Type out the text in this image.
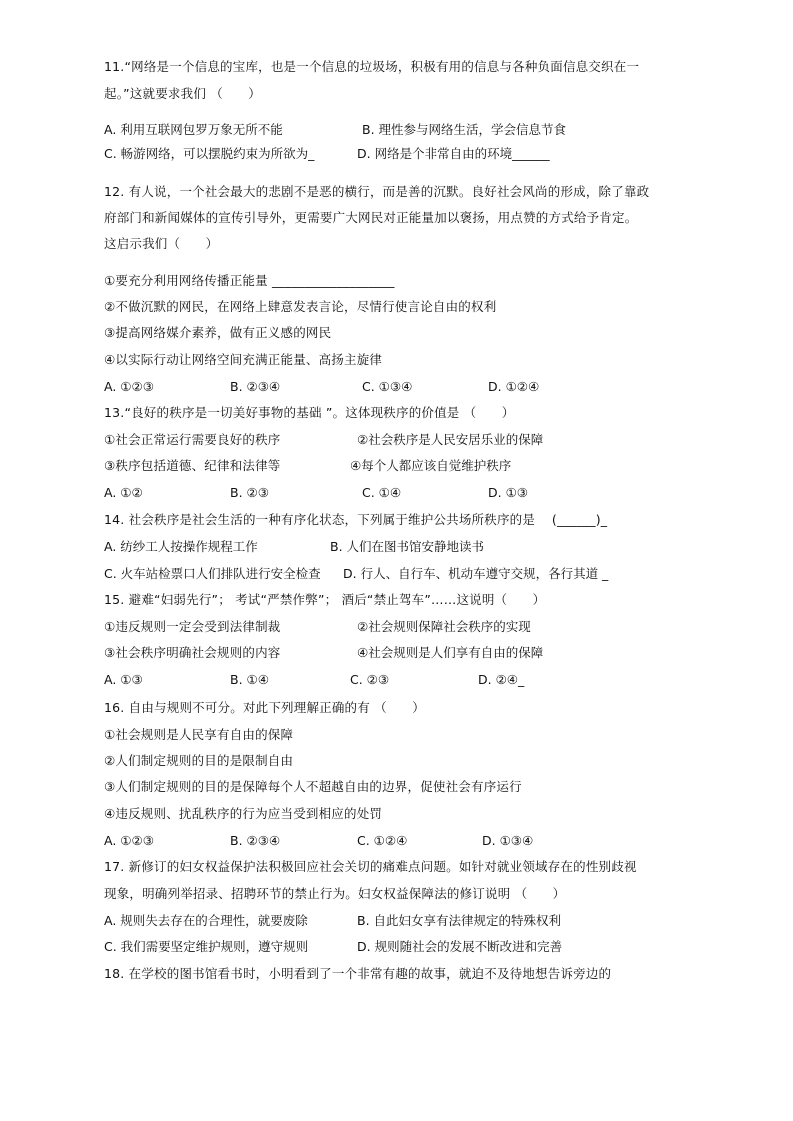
11.“网络是一个信息的宝库，也是一个信息的垃圾场，积极有用的信息与各种负面信息交织在一
起。”这就要求我们 （　　）
A. 利用互联网包罗万象无所不能	B. 理性参与网络生活，学会信息节食
C. 畅游网络，可以摆脱约束为所欲为_	D. 网络是个非常自由的环境______
12. 有人说，一个社会最大的悲剧不是恶的横行，而是善的沉默。良好社会风尚的形成，除了靠政
府部门和新闻媒体的宣传引导外，更需要广大网民对正能量加以褒扬，用点赞的方式给予肯定。
这启示我们（　　）
①要充分利用网络传播正能量 ___________________
②不做沉默的网民，在网络上肆意发表言论，尽情行使言论自由的权利
③提高网络媒介素养，做有正义感的网民
④以实际行动让网络空间充满正能量、高扬主旋律
A. ①②③	B. ②③④	C. ①③④	D. ①②④
13.“良好的秩序是一切美好事物的基础 ”。这体现秩序的价值是 （　　）
①社会正常运行需要良好的秩序	②社会秩序是人民安居乐业的保障
③秩序包括道德、纪律和法律等	④每个人都应该自觉维护秩序
A. ①②	B. ②③	C. ①④	D. ①③
14. 社会秩序是社会生活的一种有序化状态，下列属于维护公共场所秩序的是 　(______)_
A. 纺纱工人按操作规程工作	B. 人们在图书馆安静地读书
C. 火车站检票口人们排队进行安全检查 D. 行人、自行车、机动车遵守交规，各行其道 _
15. 避难“妇弱先行”； 考试“严禁作弊”； 酒后“禁止驾车”……这说明（　　）
①违反规则一定会受到法律制裁	②社会规则保障社会秩序的实现
③社会秩序明确社会规则的内容	④社会规则是人们享有自由的保障
A. ①③	B. ①④	C. ②③	D. ②④_
16. 自由与规则不可分。对此下列理解正确的有 （　　）
①社会规则是人民享有自由的保障
②人们制定规则的目的是限制自由
③人们制定规则的目的是保障每个人不超越自由的边界，促使社会有序运行
④违反规则、扰乱秩序的行为应当受到相应的处罚
A. ①②③	B. ②③④	C. ①②④	D. ①③④
17. 新修订的妇女权益保护法积极回应社会关切的痛难点问题。如针对就业领域存在的性别歧视
现象，明确列举招录、招聘环节的禁止行为。妇女权益保障法的修订说明 （　　）
A. 规则失去存在的合理性，就要废除	B. 自此妇女享有法律规定的特殊权利
C. 我们需要坚定维护规则，遵守规则	D. 规则随社会的发展不断改进和完善
18. 在学校的图书馆看书时，小明看到了一个非常有趣的故事，就迫不及待地想告诉旁边的
